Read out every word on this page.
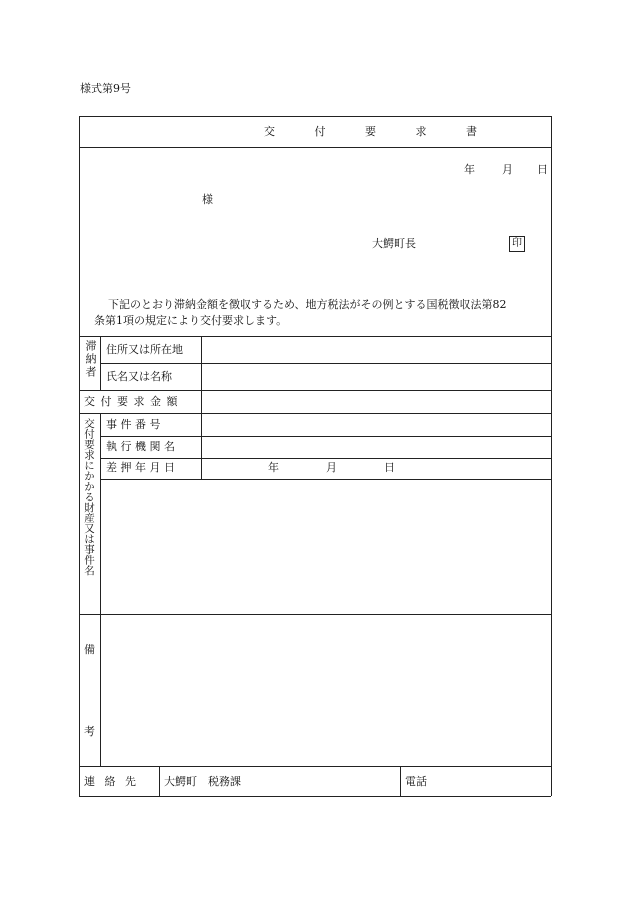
様式第9号
交 付 要 求 書
年 月 日
様
大鰐町長	印
下記のとおり滞納金額を徴収するため、地方税法がその例とする国税徴収法第82
条第1項の規定により交付要求します。
滞納者 住所又は所在地
氏名又は名称
交 付 要 求 金 額
交付要求にかかる財産又は事件名 事 件 番 号
執 行 機 関 名
差 押 年 月 日	年	月	日
備
考
連 絡 先 大鰐町　税務課	電話
